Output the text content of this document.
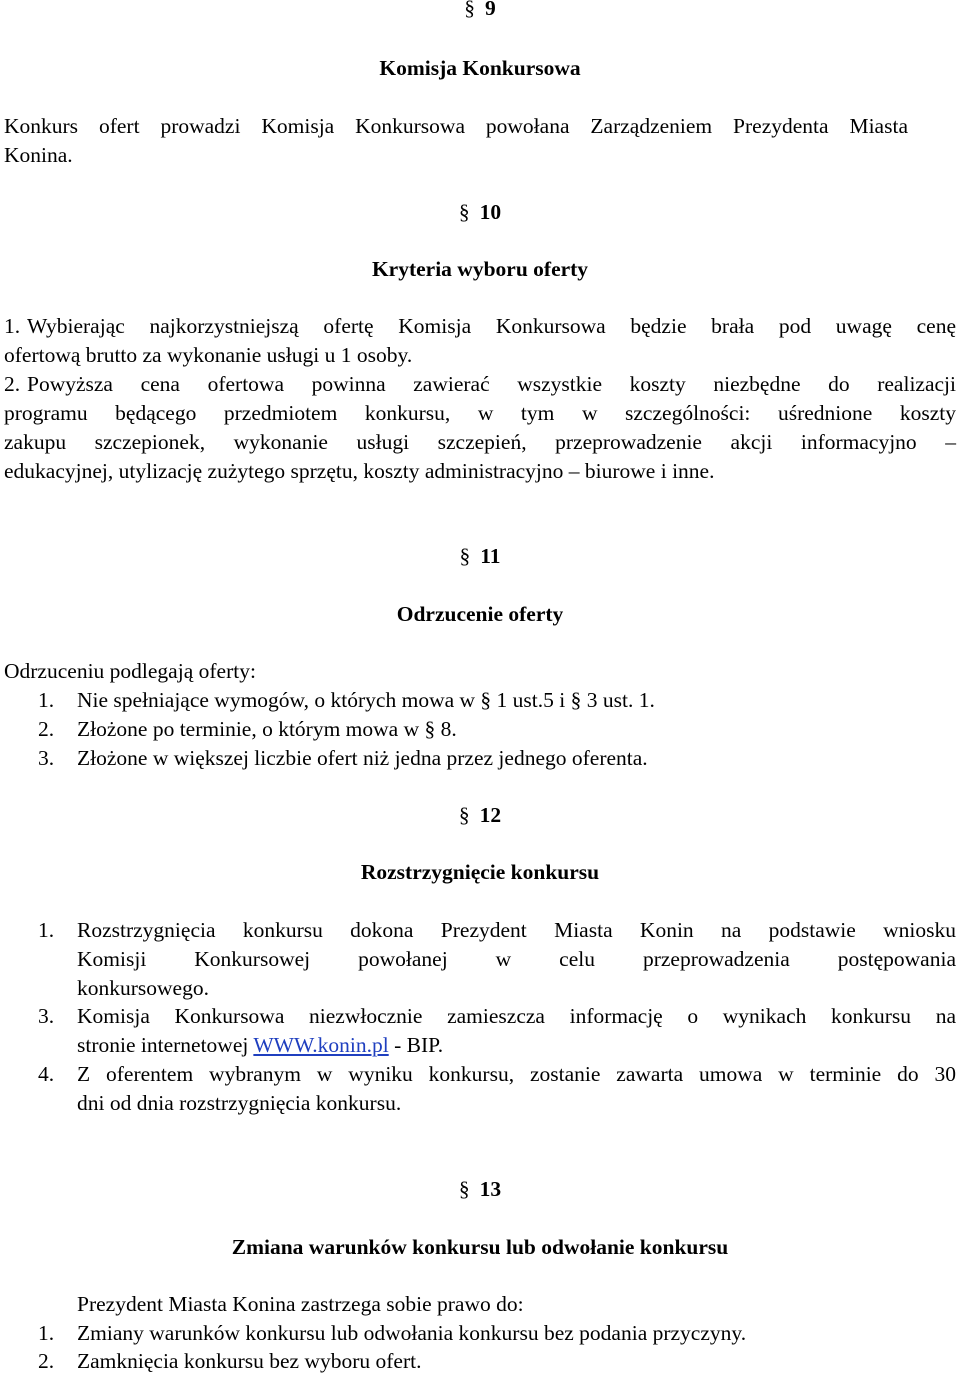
§ 9
Komisja Konkursowa
Konkurs ofert prowadzi Komisja Konkursowa powołana Zarządzeniem Prezydenta Miasta
Konina.
§ 10
Kryteria wyboru oferty
1. Wybierając najkorzystniejszą ofertę Komisja Konkursowa będzie brała pod uwagę cenę
ofertową brutto za wykonanie usługi u 1 osoby.
2. Powyższa cena ofertowa powinna zawierać wszystkie koszty niezbędne do realizacji
programu będącego przedmiotem konkursu, w tym w szczególności: uśrednione koszty
zakupu szczepionek, wykonanie usługi szczepień, przeprowadzenie akcji informacyjno –
edukacyjnej, utylizację zużytego sprzętu, koszty administracyjno – biurowe i inne.
§ 11
Odrzucenie oferty
Odrzuceniu podlegają oferty:
1. Nie spełniające wymogów, o których mowa w § 1 ust.5 i § 3 ust. 1.
2. Złożone po terminie, o którym mowa w § 8.
3. Złożone w większej liczbie ofert niż jedna przez jednego oferenta.
§ 12
Rozstrzygnięcie konkursu
1. Rozstrzygnięcia konkursu dokona Prezydent Miasta Konin na podstawie wniosku
Komisji Konkursowej powołanej w celu przeprowadzenia postępowania
konkursowego.
3. Komisja Konkursowa niezwłocznie zamieszcza informację o wynikach konkursu na
stronie internetowej WWW.konin.pl - BIP.
4. Z oferentem wybranym w wyniku konkursu, zostanie zawarta umowa w terminie do 30
dni od dnia rozstrzygnięcia konkursu.
§ 13
Zmiana warunków konkursu lub odwołanie konkursu
Prezydent Miasta Konina zastrzega sobie prawo do:
1. Zmiany warunków konkursu lub odwołania konkursu bez podania przyczyny.
2. Zamknięcia konkursu bez wyboru ofert.
